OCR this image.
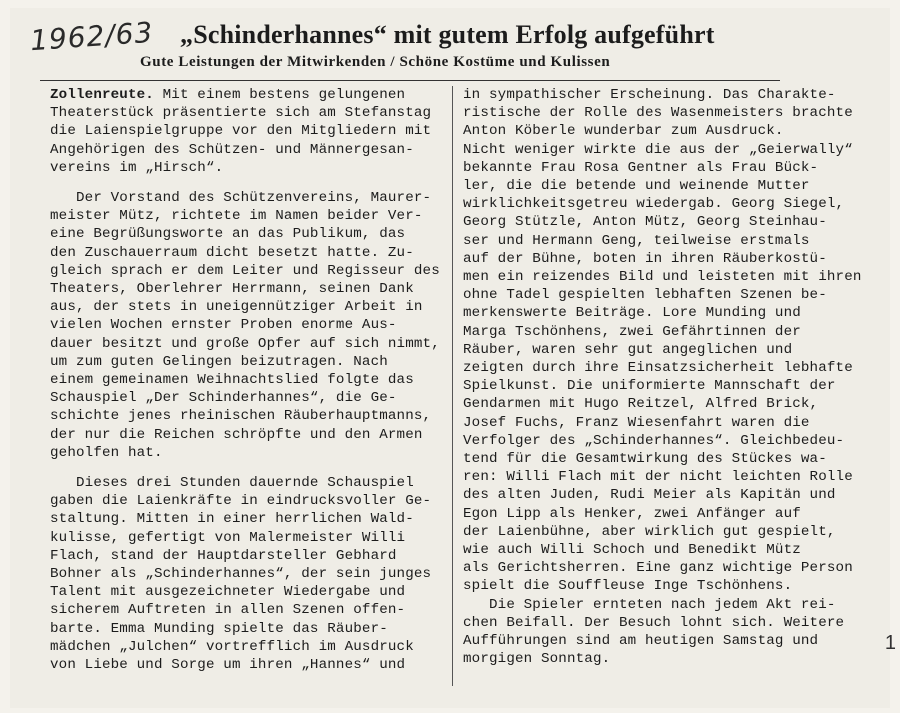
1962/63 „Schinderhannes“ mit gutem Erfolg aufgeführt
Gute Leistungen der Mitwirkenden / Schöne Kostüme und Kulissen
Zollenreute. Mit einem bestens gelungenen
Theaterstück präsentierte sich am Stefanstag
die Laienspielgruppe vor den Mitgliedern mit
Angehörigen des Schützen- und Männergesan-
vereins im „Hirsch“.
Der Vorstand des Schützenvereins, Maurer-
meister Mütz, richtete im Namen beider Ver-
eine Begrüßungsworte an das Publikum, das
den Zuschauerraum dicht besetzt hatte. Zu-
gleich sprach er dem Leiter und Regisseur des
Theaters, Oberlehrer Herrmann, seinen Dank
aus, der stets in uneigennütziger Arbeit in
vielen Wochen ernster Proben enorme Aus-
dauer besitzt und große Opfer auf sich nimmt,
um zum guten Gelingen beizutragen. Nach
einem gemeinamen Weihnachtslied folgte das
Schauspiel „Der Schinderhannes“, die Ge-
schichte jenes rheinischen Räuberhauptmanns,
der nur die Reichen schröpfte und den Armen
geholfen hat.
Dieses drei Stunden dauernde Schauspiel
gaben die Laienkräfte in eindrucksvoller Ge-
staltung. Mitten in einer herrlichen Wald-
kulisse, gefertigt von Malermeister Willi
Flach, stand der Hauptdarsteller Gebhard
Bohner als „Schinderhannes“, der sein junges
Talent mit ausgezeichneter Wiedergabe und
sicherem Auftreten in allen Szenen offen-
barte. Emma Munding spielte das Räuber-
mädchen „Julchen“ vortrefflich im Ausdruck
von Liebe und Sorge um ihren „Hannes“ und
in sympathischer Erscheinung. Das Charakte-
ristische der Rolle des Wasenmeisters brachte
Anton Köberle wunderbar zum Ausdruck.
Nicht weniger wirkte die aus der „Geierwally“
bekannte Frau Rosa Gentner als Frau Bück-
ler, die die betende und weinende Mutter
wirklichkeitsgetreu wiedergab. Georg Siegel,
Georg Stützle, Anton Mütz, Georg Steinhau-
ser und Hermann Geng, teilweise erstmals
auf der Bühne, boten in ihren Räuberkostü-
men ein reizendes Bild und leisteten mit ihren
ohne Tadel gespielten lebhaften Szenen be-
merkenswerte Beiträge. Lore Munding und
Marga Tschönhens, zwei Gefährtinnen der
Räuber, waren sehr gut angeglichen und
zeigten durch ihre Einsatzsicherheit lebhafte
Spielkunst. Die uniformierte Mannschaft der
Gendarmen mit Hugo Reitzel, Alfred Brick,
Josef Fuchs, Franz Wiesenfahrt waren die
Verfolger des „Schinderhannes“. Gleichbedeu-
tend für die Gesamtwirkung des Stückes wa-
ren: Willi Flach mit der nicht leichten Rolle
des alten Juden, Rudi Meier als Kapitän und
Egon Lipp als Henker, zwei Anfänger auf
der Laienbühne, aber wirklich gut gespielt,
wie auch Willi Schoch und Benedikt Mütz
als Gerichtsherren. Eine ganz wichtige Person
spielt die Souffleuse Inge Tschönhens.
Die Spieler ernteten nach jedem Akt rei-
chen Beifall. Der Besuch lohnt sich. Weitere
Aufführungen sind am heutigen Samstag und
morgigen Sonntag.
1
